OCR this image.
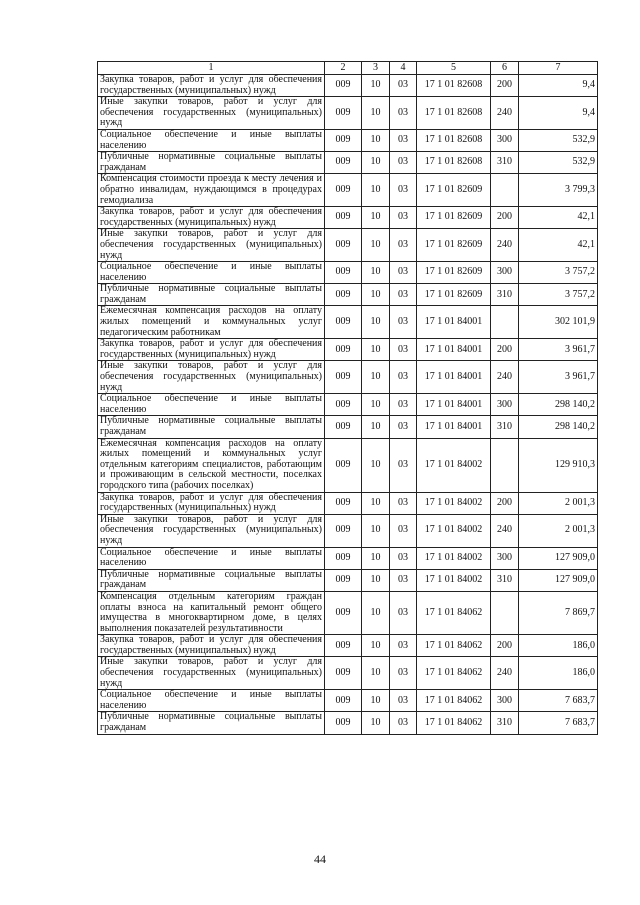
1	2	3	4	5	6	7
Закупка товаров, работ и услуг для обеспечения государственных (муниципальных) нужд	009	10	03	17 1 01 82608	200	9,4
Иные закупки товаров, работ и услуг для обеспечения государственных (муниципальных) нужд	009	10	03	17 1 01 82608	240	9,4
Социальное обеспечение и иные выплаты населению	009	10	03	17 1 01 82608	300	532,9
Публичные нормативные социальные выплаты гражданам	009	10	03	17 1 01 82608	310	532,9
Компенсация стоимости проезда к месту лечения и обратно инвалидам, нуждающимся в процедурах гемодиализа	009	10	03	17 1 01 82609		3 799,3
Закупка товаров, работ и услуг для обеспечения государственных (муниципальных) нужд	009	10	03	17 1 01 82609	200	42,1
Иные закупки товаров, работ и услуг для обеспечения государственных (муниципальных) нужд	009	10	03	17 1 01 82609	240	42,1
Социальное обеспечение и иные выплаты населению	009	10	03	17 1 01 82609	300	3 757,2
Публичные нормативные социальные выплаты гражданам	009	10	03	17 1 01 82609	310	3 757,2
Ежемесячная компенсация расходов на оплату жилых помещений и коммунальных услуг педагогическим работникам	009	10	03	17 1 01 84001		302 101,9
Закупка товаров, работ и услуг для обеспечения государственных (муниципальных) нужд	009	10	03	17 1 01 84001	200	3 961,7
Иные закупки товаров, работ и услуг для обеспечения государственных (муниципальных) нужд	009	10	03	17 1 01 84001	240	3 961,7
Социальное обеспечение и иные выплаты населению	009	10	03	17 1 01 84001	300	298 140,2
Публичные нормативные социальные выплаты гражданам	009	10	03	17 1 01 84001	310	298 140,2
Ежемесячная компенсация расходов на оплату жилых помещений и коммунальных услуг отдельным категориям специалистов, работающим и проживающим в сельской местности, поселках городского типа (рабочих поселках)	009	10	03	17 1 01 84002		129 910,3
Закупка товаров, работ и услуг для обеспечения государственных (муниципальных) нужд	009	10	03	17 1 01 84002	200	2 001,3
Иные закупки товаров, работ и услуг для обеспечения государственных (муниципальных) нужд	009	10	03	17 1 01 84002	240	2 001,3
Социальное обеспечение и иные выплаты населению	009	10	03	17 1 01 84002	300	127 909,0
Публичные нормативные социальные выплаты гражданам	009	10	03	17 1 01 84002	310	127 909,0
Компенсация отдельным категориям граждан оплаты взноса на капитальный ремонт общего имущества в многоквартирном доме, в целях выполнения показателей результативности	009	10	03	17 1 01 84062		7 869,7
Закупка товаров, работ и услуг для обеспечения государственных (муниципальных) нужд	009	10	03	17 1 01 84062	200	186,0
Иные закупки товаров, работ и услуг для обеспечения государственных (муниципальных) нужд	009	10	03	17 1 01 84062	240	186,0
Социальное обеспечение и иные выплаты населению	009	10	03	17 1 01 84062	300	7 683,7
Публичные нормативные социальные выплаты гражданам	009	10	03	17 1 01 84062	310	7 683,7
44
